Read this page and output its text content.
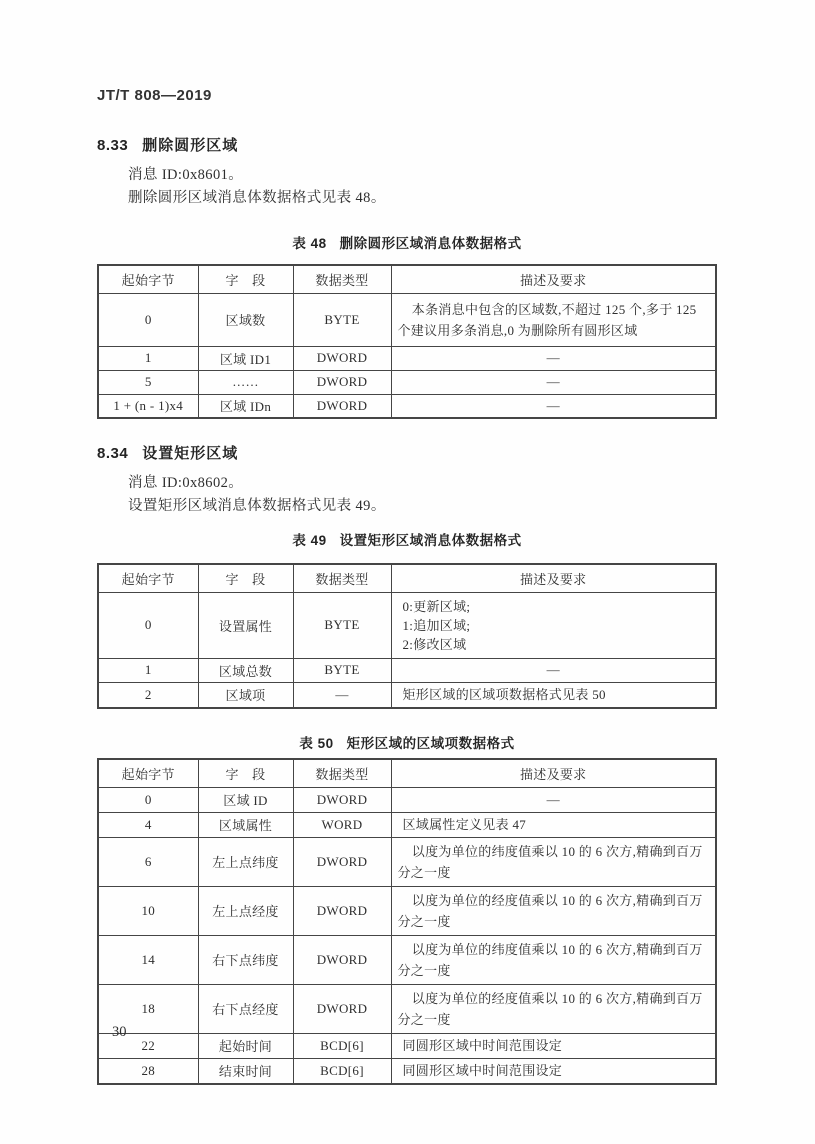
JT/T 808—2019
8.33 删除圆形区域
消息 ID:0x8601。
删除圆形区域消息体数据格式见表 48。
表 48 删除圆形区域消息体数据格式
起始字节	字　段	数据类型	描述及要求
0	区域数	BYTE	本条消息中包含的区域数,不超过 125 个,多于 125 个建议用多条消息,0 为删除所有圆形区域
1	区域 ID1	DWORD	—
5	……	DWORD	—
1 + (n - 1)x4	区域 IDn	DWORD	—
8.34 设置矩形区域
消息 ID:0x8602。
设置矩形区域消息体数据格式见表 49。
表 49 设置矩形区域消息体数据格式
起始字节	字　段	数据类型	描述及要求
0	设置属性	BYTE	0:更新区域;
1:追加区域;
2:修改区域

1	区域总数	BYTE	—
2	区域项	—	矩形区域的区域项数据格式见表 50
表 50 矩形区域的区域项数据格式
起始字节	字　段	数据类型	描述及要求
0	区域 ID	DWORD	—
4	区域属性	WORD	区域属性定义见表 47
6	左上点纬度	DWORD	以度为单位的纬度值乘以 10 的 6 次方,精确到百万分之一度
10	左上点经度	DWORD	以度为单位的经度值乘以 10 的 6 次方,精确到百万分之一度
14	右下点纬度	DWORD	以度为单位的纬度值乘以 10 的 6 次方,精确到百万分之一度
18	右下点经度	DWORD	以度为单位的经度值乘以 10 的 6 次方,精确到百万分之一度
22	起始时间	BCD[6]	同圆形区域中时间范围设定
28	结束时间	BCD[6]	同圆形区域中时间范围设定
30
